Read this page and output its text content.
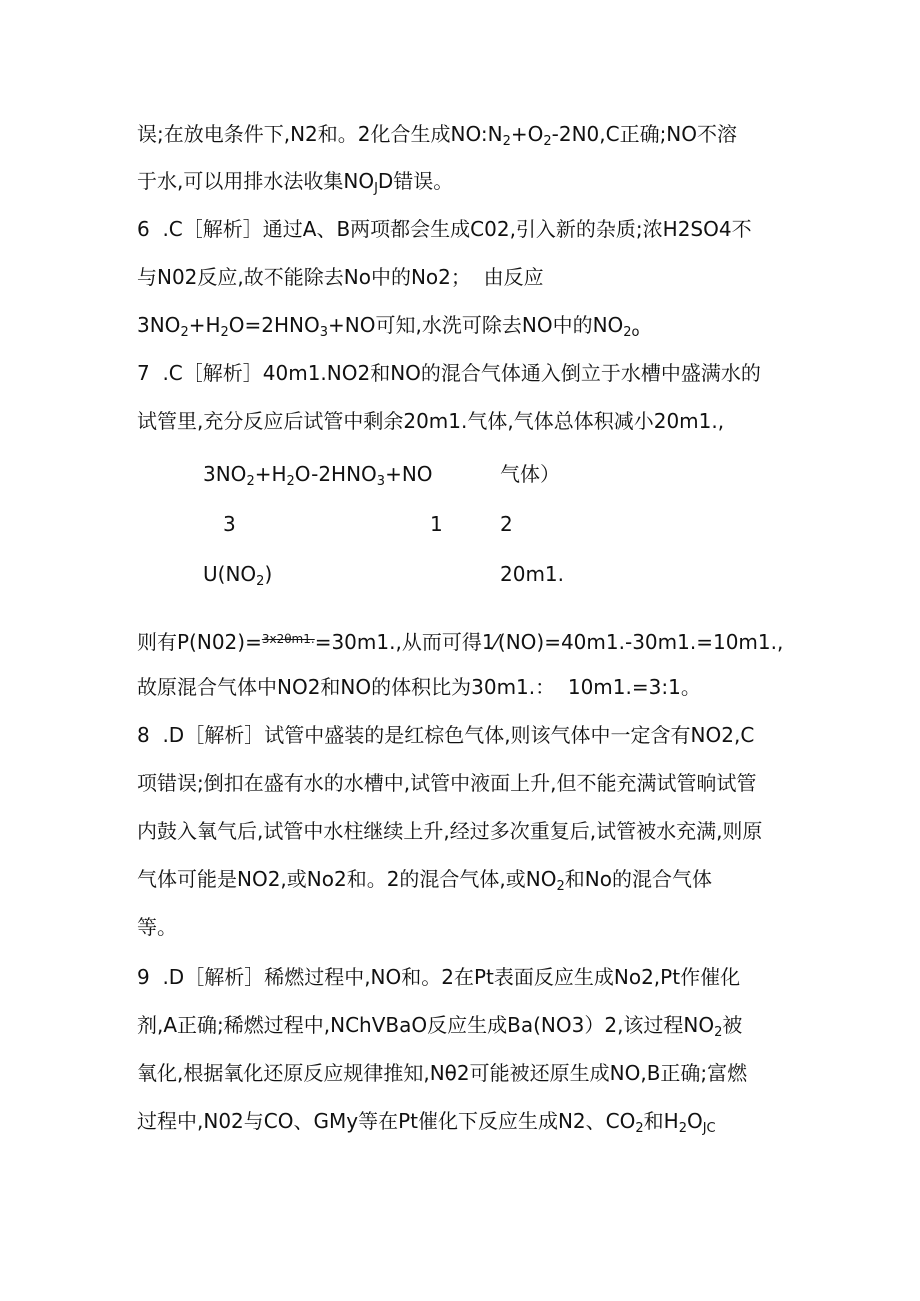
误;在放电条件下,N2和。2化合生成$NO:N_2+O_2-2N0,C$正确;NO不溶
于水,可以用排水法收集$NO_JD$错误。
6  .C［解析］通过A、B两项都会生成C02,引入新的杂质;浓H2SO4不
与N02反应,故不能除去No中的No2；  由反应
$3NO_2+H_2O=2HNO_3+NO$可知,水洗可除去NO中的$NO_{2o}$
7  .C［解析］40m1.NO2和NO的混合气体通入倒立于水槽中盛满水的
试管里,充分反应后试管中剩余20m1.气体,气体总体积减小20m1.,
$3NO_2+H_2O-2HNO_3+NO$	气体）
3	1	2
$U(NO_2)$	20m1.
则有P(N02)=$^{3x2\theta m1.}$=30m1.,从而可得1⁄(NO)=40m1.-30m1.=10m1.,
故原混合气体中NO2和NO的体积比为30m1.：  10m1.=3:1。
8  .D［解析］试管中盛装的是红棕色气体,则该气体中一定含有NO2,C
项错误;倒扣在盛有水的水槽中,试管中液面上升,但不能充满试管晌试管
内鼓入氧气后,试管中水柱继续上升,经过多次重复后,试管被水充满,则原
气体可能是NO2,或No2和。2的混合气体,或$NO_2$和No的混合气体
等。
9  .D［解析］稀燃过程中,NO和。2在Pt表面反应生成No2,Pt作催化
剂,A正确;稀燃过程中,NChVBaO反应生成Ba(NO3）2,该过程$NO_2$被
氧化,根据氧化还原反应规律推知,Nθ2可能被还原生成NO,B正确;富燃
过程中,N02与CO、GMy等在Pt催化下反应生成N2、$CO_2$和$H_2O_{JC}$
